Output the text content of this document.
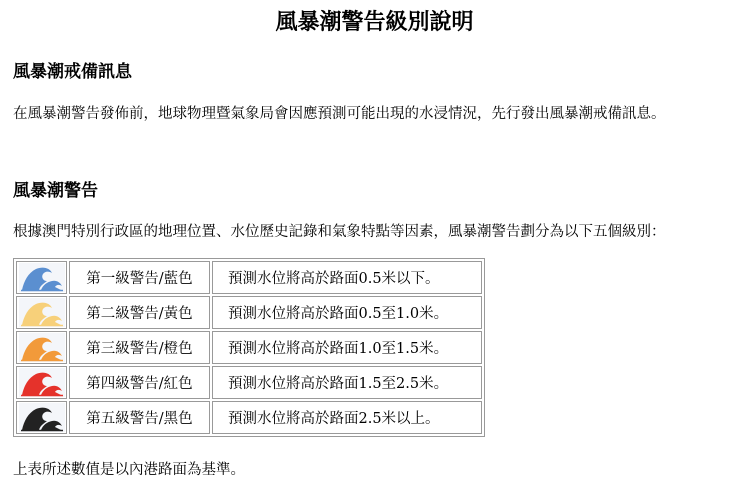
風暴潮警告級別說明
風暴潮戒備訊息
在風暴潮警告發佈前，地球物理暨氣象局會因應預測可能出現的水浸情況，先行發出風暴潮戒備訊息。
風暴潮警告
根據澳門特別行政區的地理位置、水位歷史記錄和氣象特點等因素，風暴潮警告劃分為以下五個級別：
	第一級警告/藍色	預測水位將高於路面0.5米以下。

	第二級警告/黃色	預測水位將高於路面0.5至1.0米。

	第三級警告/橙色	預測水位將高於路面1.0至1.5米。

	第四級警告/紅色	預測水位將高於路面1.5至2.5米。

	第五級警告/黑色	預測水位將高於路面2.5米以上。
上表所述數值是以內港路面為基準。
